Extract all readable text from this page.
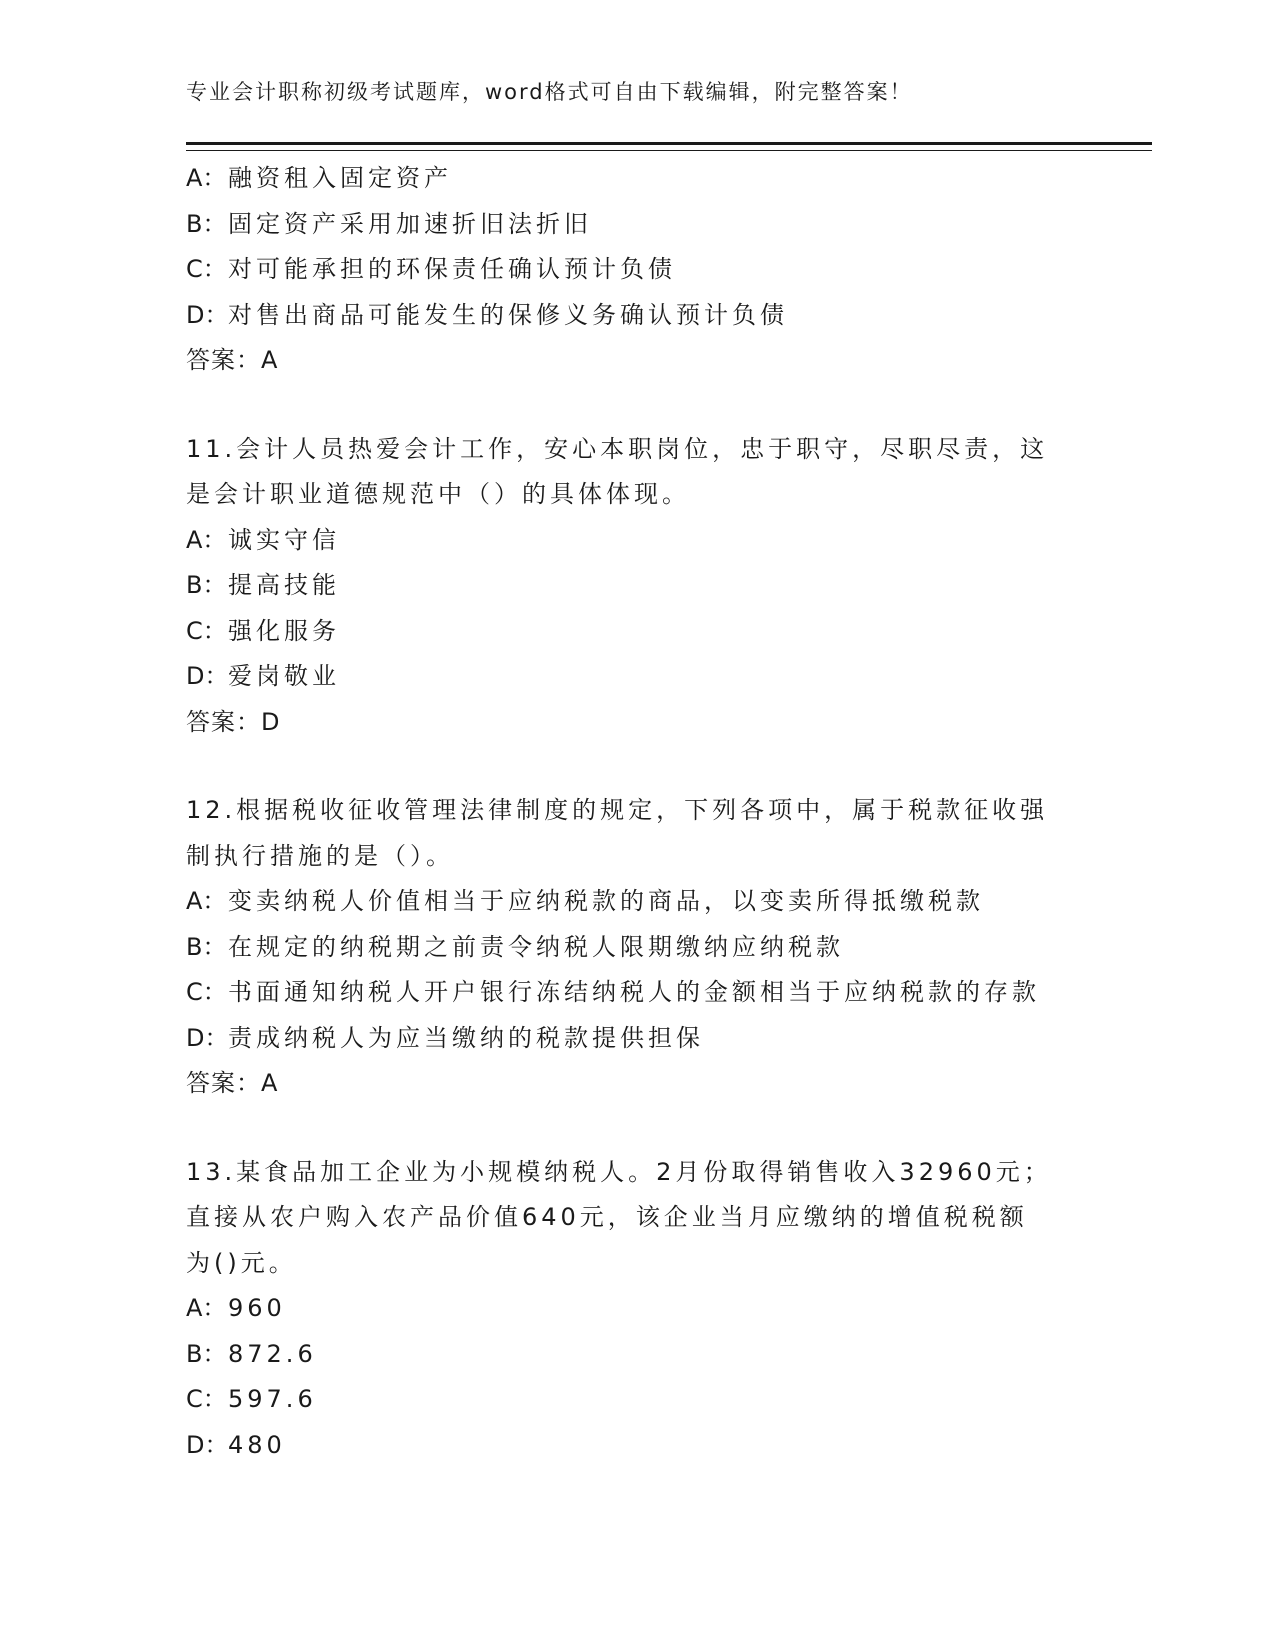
专业会计职称初级考试题库，word格式可自由下载编辑，附完整答案！
A：融资租入固定资产
B：固定资产采用加速折旧法折旧
C：对可能承担的环保责任确认预计负债
D：对售出商品可能发生的保修义务确认预计负债
答案：A
11.会计人员热爱会计工作，安心本职岗位，忠于职守，尽职尽责，这
是会计职业道德规范中（）的具体体现。
A：诚实守信
B：提高技能
C：强化服务
D：爱岗敬业
答案：D
12.根据税收征收管理法律制度的规定，下列各项中，属于税款征收强
制执行措施的是（）。
A：变卖纳税人价值相当于应纳税款的商品，以变卖所得抵缴税款
B：在规定的纳税期之前责令纳税人限期缴纳应纳税款
C：书面通知纳税人开户银行冻结纳税人的金额相当于应纳税款的存款
D：责成纳税人为应当缴纳的税款提供担保
答案：A
13.某食品加工企业为小规模纳税人。2月份取得销售收入32960元；
直接从农户购入农产品价值640元，该企业当月应缴纳的增值税税额
为()元。
A：960
B：872.6
C：597.6
D：480
